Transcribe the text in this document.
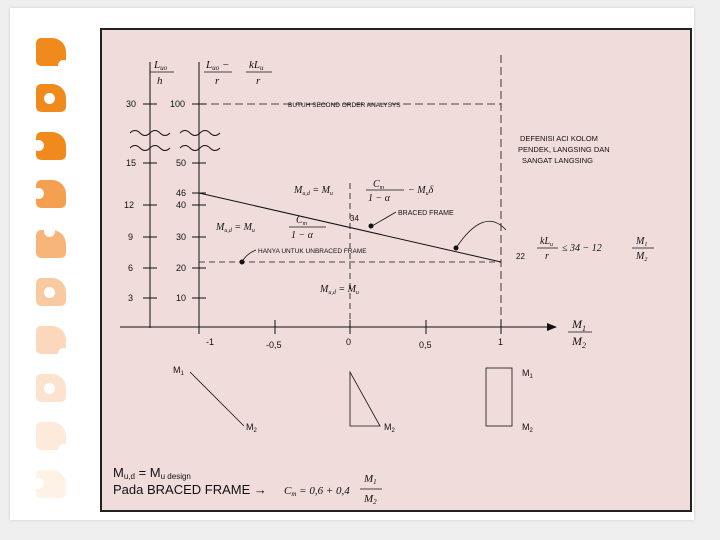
Luo
h
Luo −
r
kLu
r
30
15
12
9
6
3
100
50
46
40
30
20
10
-1	-0,5	0	0,5	1
$M_1$
$M_2$
BUTUH SECOND ORDER ANALYSYS
DEFENISI ACI KOLOM PENDEK, LANGSING DAN SANGAT LANGSING
$M_{u,d} = M_u$
$C_m$
1 − α
− $M_u\delta$
$M_{u,d} = M_u$
$C_m$
1 − α
$M_{u,d} = M_u$
34
22
BRACED FRAME
HANYA UNTUK UNBRACED FRAME
$kL_u$
r
≤ 34 − 12
$M_1$
$M_2$
$M_1$
$M_2$	$M_2$
$M_1$
$M_2$
Mu,d = Mu design
Pada BRACED FRAME → Cm = 0,6 + 0,4
M1
M2
